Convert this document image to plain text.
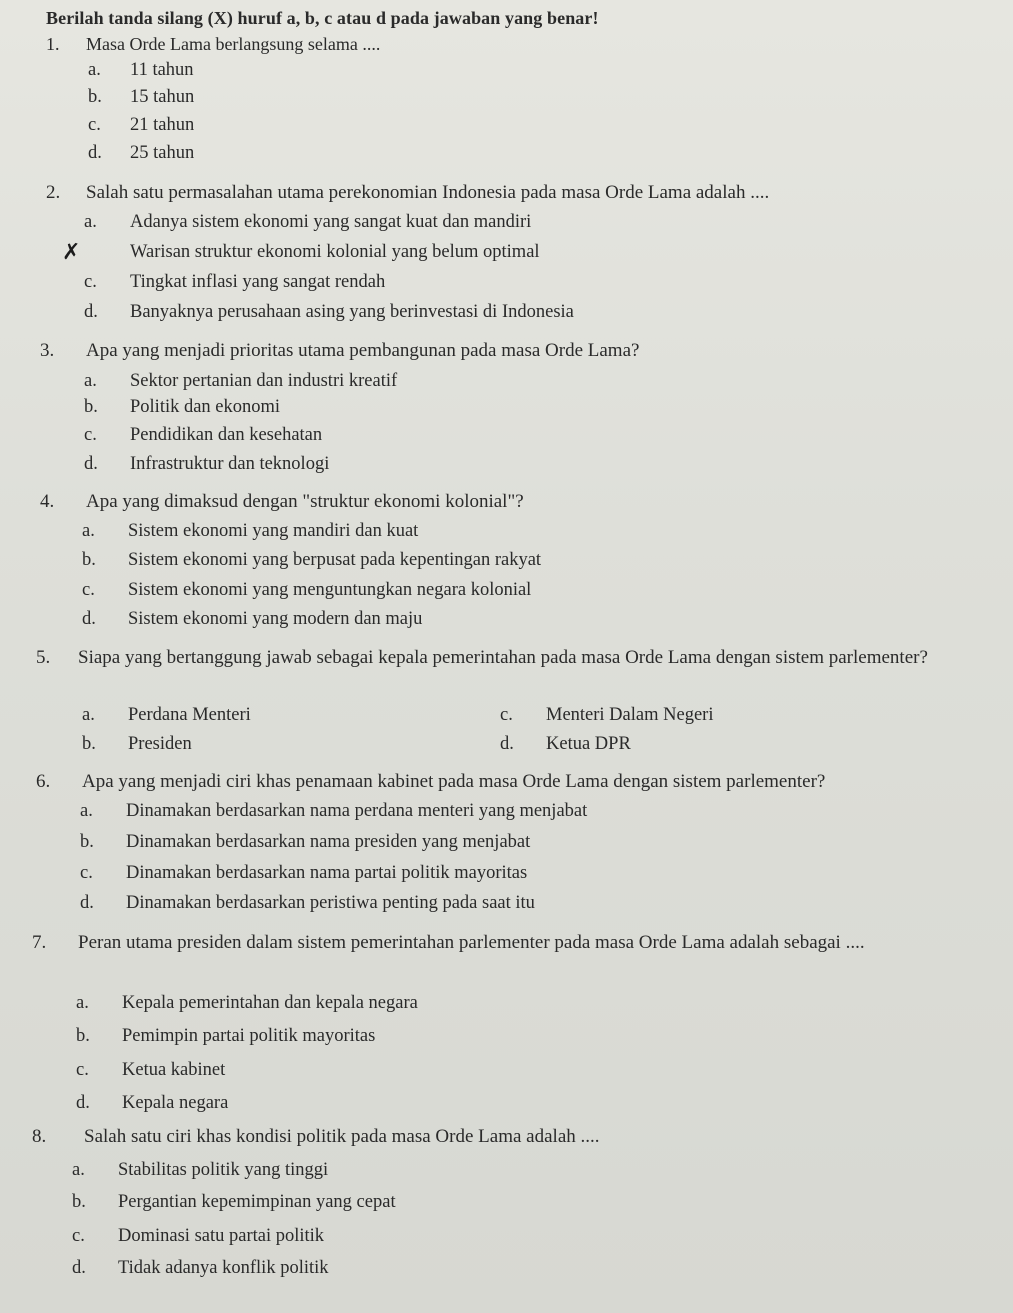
Berilah tanda silang (X) huruf a, b, c atau d pada jawaban yang benar!
1. Masa Orde Lama berlangsung selama ....
a. 11 tahun
b. 15 tahun
c. 21 tahun
d. 25 tahun
2. Salah satu permasalahan utama perekonomian Indonesia pada masa Orde Lama adalah ....
a. Adanya sistem ekonomi yang sangat kuat dan mandiri
Warisan struktur ekonomi kolonial yang belum optimal
✗
c. Tingkat inflasi yang sangat rendah
d. Banyaknya perusahaan asing yang berinvestasi di Indonesia
3. Apa yang menjadi prioritas utama pembangunan pada masa Orde Lama?
a. Sektor pertanian dan industri kreatif
b. Politik dan ekonomi
c. Pendidikan dan kesehatan
d. Infrastruktur dan teknologi
4. Apa yang dimaksud dengan "struktur ekonomi kolonial"?
a. Sistem ekonomi yang mandiri dan kuat
b. Sistem ekonomi yang berpusat pada kepentingan rakyat
c. Sistem ekonomi yang menguntungkan negara kolonial
d. Sistem ekonomi yang modern dan maju
5. Siapa yang bertanggung jawab sebagai kepala pemerintahan pada masa Orde Lama dengan sistem parlementer?
a. Perdana Menteri
b. Presiden
c. Menteri Dalam Negeri
d. Ketua DPR
6. Apa yang menjadi ciri khas penamaan kabinet pada masa Orde Lama dengan sistem parlementer?
a. Dinamakan berdasarkan nama perdana menteri yang menjabat
b. Dinamakan berdasarkan nama presiden yang menjabat
c. Dinamakan berdasarkan nama partai politik mayoritas
d. Dinamakan berdasarkan peristiwa penting pada saat itu
7. Peran utama presiden dalam sistem pemerintahan parlementer pada masa Orde Lama adalah sebagai ....
a. Kepala pemerintahan dan kepala negara
b. Pemimpin partai politik mayoritas
c. Ketua kabinet
d. Kepala negara
8. Salah satu ciri khas kondisi politik pada masa Orde Lama adalah ....
a. Stabilitas politik yang tinggi
b. Pergantian kepemimpinan yang cepat
c. Dominasi satu partai politik
d. Tidak adanya konflik politik
